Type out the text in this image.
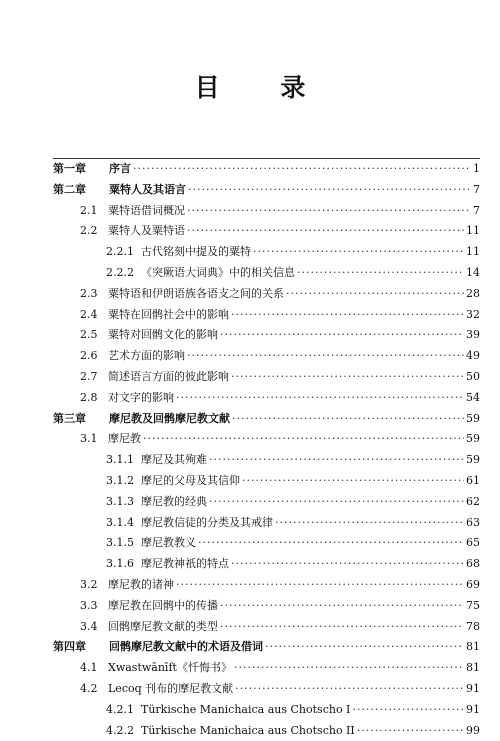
目 录
第一章	序言 ·····	1
第二章	粟特人及其语言 ·····	7
2.1 粟特语借词概况 ·····	7
2.2 粟特人及粟特语 ·····	11
2.2.1 古代铭刻中提及的粟特 ·····	11
2.2.2 《突厥语大词典》中的相关信息 ·····	14
2.3 粟特语和伊朗语族各语支之间的关系 ·····	28
2.4 粟特在回鹘社会中的影响 ·····	32
2.5 粟特对回鹘文化的影响 ·····	39
2.6 艺术方面的影响 ·····	49
2.7 简述语言方面的彼此影响 ·····	50
2.8 对文字的影响 ·····	54
第三章	摩尼教及回鹘摩尼教文献 ·····	59
3.1 摩尼教 ·····	59
3.1.1 摩尼及其殉难 ·····	59
3.1.2 摩尼的父母及其信仰 ·····	61
3.1.3 摩尼教的经典 ·····	62
3.1.4 摩尼教信徒的分类及其戒律 ·····	63
3.1.5 摩尼教教义 ·····	65
3.1.6 摩尼教神祇的特点 ·····	68
3.2 摩尼教的诸神 ·····	69
3.3 摩尼教在回鹘中的传播 ·····	75
3.4 回鹘摩尼教文献的类型 ·····	78
第四章	回鹘摩尼教文献中的术语及借词 ·····	81
4.1 Xwastwānīft《忏悔书》 ·····	81
4.2 Lecoq 刊布的摩尼教文献 ·····	91
4.2.1 Türkische Manichaica aus Chotscho I ·····	91
4.2.2 Türkische Manichaica aus Chotscho II ·····	99
